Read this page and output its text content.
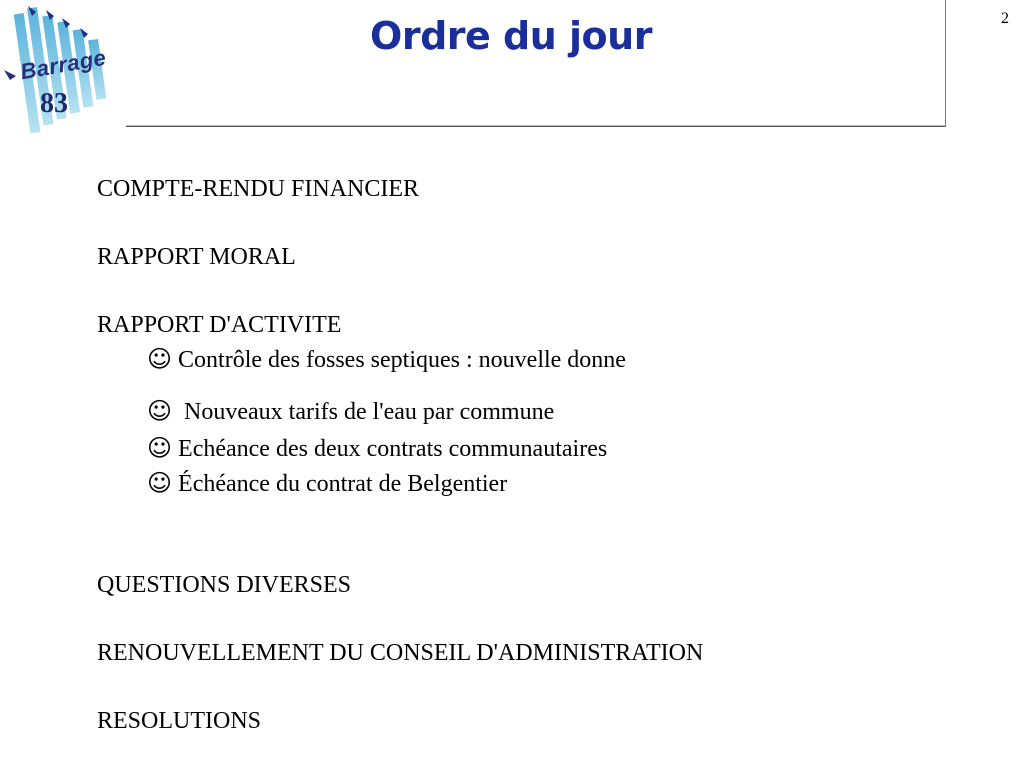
Barrage
83
Ordre du jour	2
COMPTE-RENDU FINANCIER
RAPPORT MORAL
RAPPORT D'ACTIVITE
☺ Contrôle des fosses septiques : nouvelle donne
☺ Nouveaux tarifs de l'eau par commune
☺ Echéance des deux contrats communautaires
☺ Échéance du contrat de Belgentier
QUESTIONS DIVERSES
RENOUVELLEMENT DU CONSEIL D'ADMINISTRATION
RESOLUTIONS
